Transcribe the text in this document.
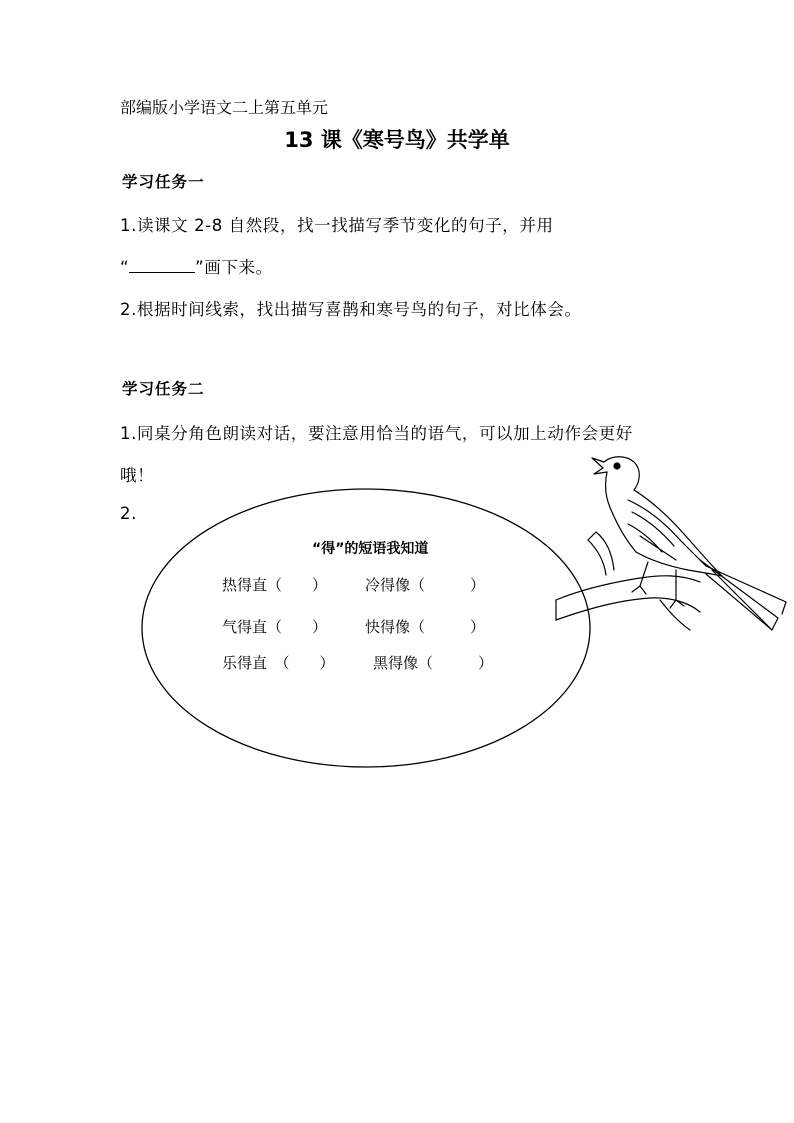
部编版小学语文二上第五单元
13 课《寒号鸟》共学单
学习任务一
1.读课文 2-8 自然段，找一找描写季节变化的句子，并用
“	”画下来。
2.根据时间线索，找出描写喜鹊和寒号鸟的句子，对比体会。
学习任务二
1.同桌分角色朗读对话，要注意用恰当的语气，可以加上动作会更好
哦！
2.
“得”的短语我知道
热得直（　　）	冷得像（　　　）
气得直（　　）	快得像（　　　）
乐得直　（　　）	黑得像（　　　）
